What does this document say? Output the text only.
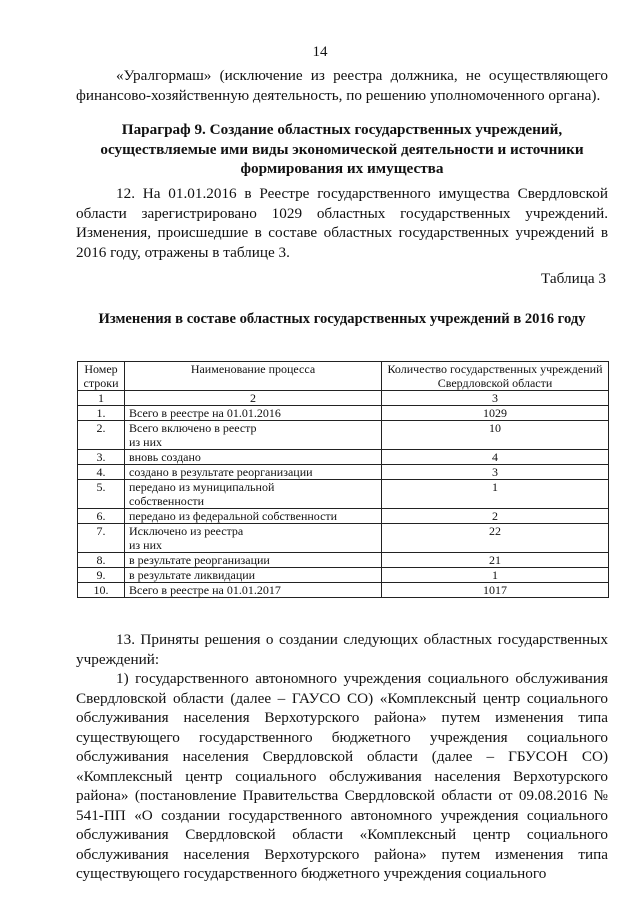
14
«Уралгормаш» (исключение из реестра должника, не осуществляющего финансово-хозяйственную деятельность, по решению уполномоченного органа).
Параграф 9. Создание областных государственных учреждений, осуществляемые ими виды экономической деятельности и источники формирования их имущества
12. На 01.01.2016 в Реестре государственного имущества Свердловской области зарегистрировано 1029 областных государственных учреждений. Изменения, происшедшие в составе областных государственных учреждений в 2016 году, отражены в таблице 3.
Таблица 3
Изменения в составе областных государственных учреждений в 2016 году
Номер строки	Наименование процесса	Количество государственных учреждений Свердловской области
1	2	3
1.	Всего в реестре на 01.01.2016	1029
2.	Всего включено в реестр
из них	10
3.	вновь создано	4
4.	создано в результате реорганизации	3
5.	передано из муниципальной
собственности	1
6.	передано из федеральной собственности	2
7.	Исключено из реестра
из них	22
8.	в результате реорганизации	21
9.	в результате ликвидации	1
10.	Всего в реестре на 01.01.2017	1017
13. Приняты решения о создании следующих областных государственных учреждений:
1) государственного автономного учреждения социального обслуживания Свердловской области (далее – ГАУСО СО) «Комплексный центр социального обслуживания населения Верхотурского района» путем изменения типа существующего государственного бюджетного учреждения социального обслуживания населения Свердловской области (далее – ГБУСОН СО) «Комплексный центр социального обслуживания населения Верхотурского района» (постановление Правительства Свердловской области от 09.08.2016 № 541-ПП «О создании государственного автономного учреждения социального обслуживания Свердловской области «Комплексный центр социального обслуживания населения Верхотурского района» путем изменения типа существующего государственного бюджетного учреждения социального
